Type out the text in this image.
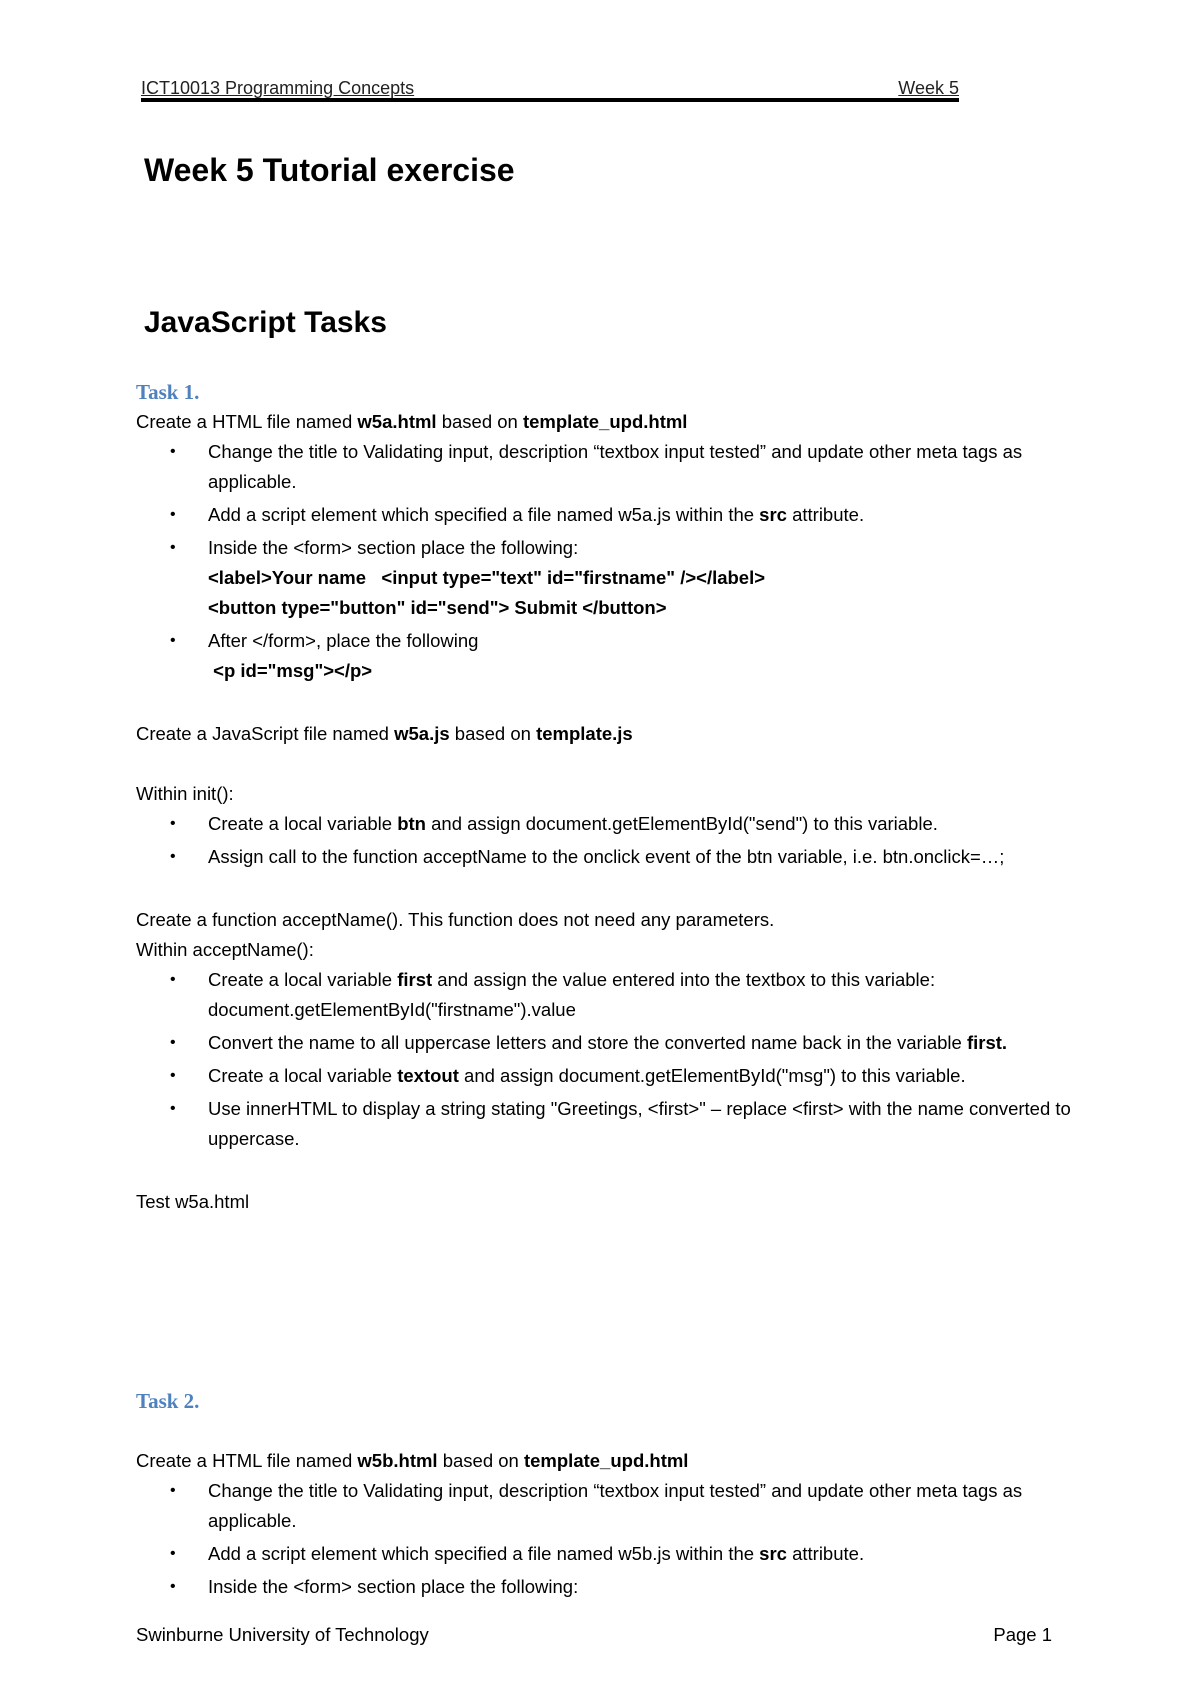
ICT10013 Programming Concepts	Week 5
Week 5 Tutorial exercise
JavaScript Tasks
Task 1.

Create a HTML file named w5a.html based on template_upd.html

• Change the title to Validating input, description “textbox input tested” and update other meta tags as applicable.
• Add a script element which specified a file named w5a.js within the src attribute.
• Inside the <form> section place the following:
<label>Your name   <input type="text" id="firstname" /></label>
<button type="button" id="send"> Submit </button>
• After </form>, place the following
<p id="msg"></p>

Create a JavaScript file named w5a.js based on template.js

Within init():

• Create a local variable btn and assign document.getElementById("send") to this variable.
• Assign call to the function acceptName to the onclick event of the btn variable, i.e. btn.onclick=…;

Create a function acceptName(). This function does not need any parameters.

Within acceptName():

• Create a local variable first and assign the value entered into the textbox to this variable: document.getElementById("firstname").value
• Convert the name to all uppercase letters and store the converted name back in the variable first.
• Create a local variable textout and assign document.getElementById("msg") to this variable.
• Use innerHTML to display a string stating "Greetings, <first>" – replace <first> with the name converted to uppercase.

Test w5a.html

Task 2.

Create a HTML file named w5b.html based on template_upd.html

• Change the title to Validating input, description “textbox input tested” and update other meta tags as applicable.
• Add a script element which specified a file named w5b.js within the src attribute.
• Inside the <form> section place the following:
Swinburne University of Technology	Page 1
